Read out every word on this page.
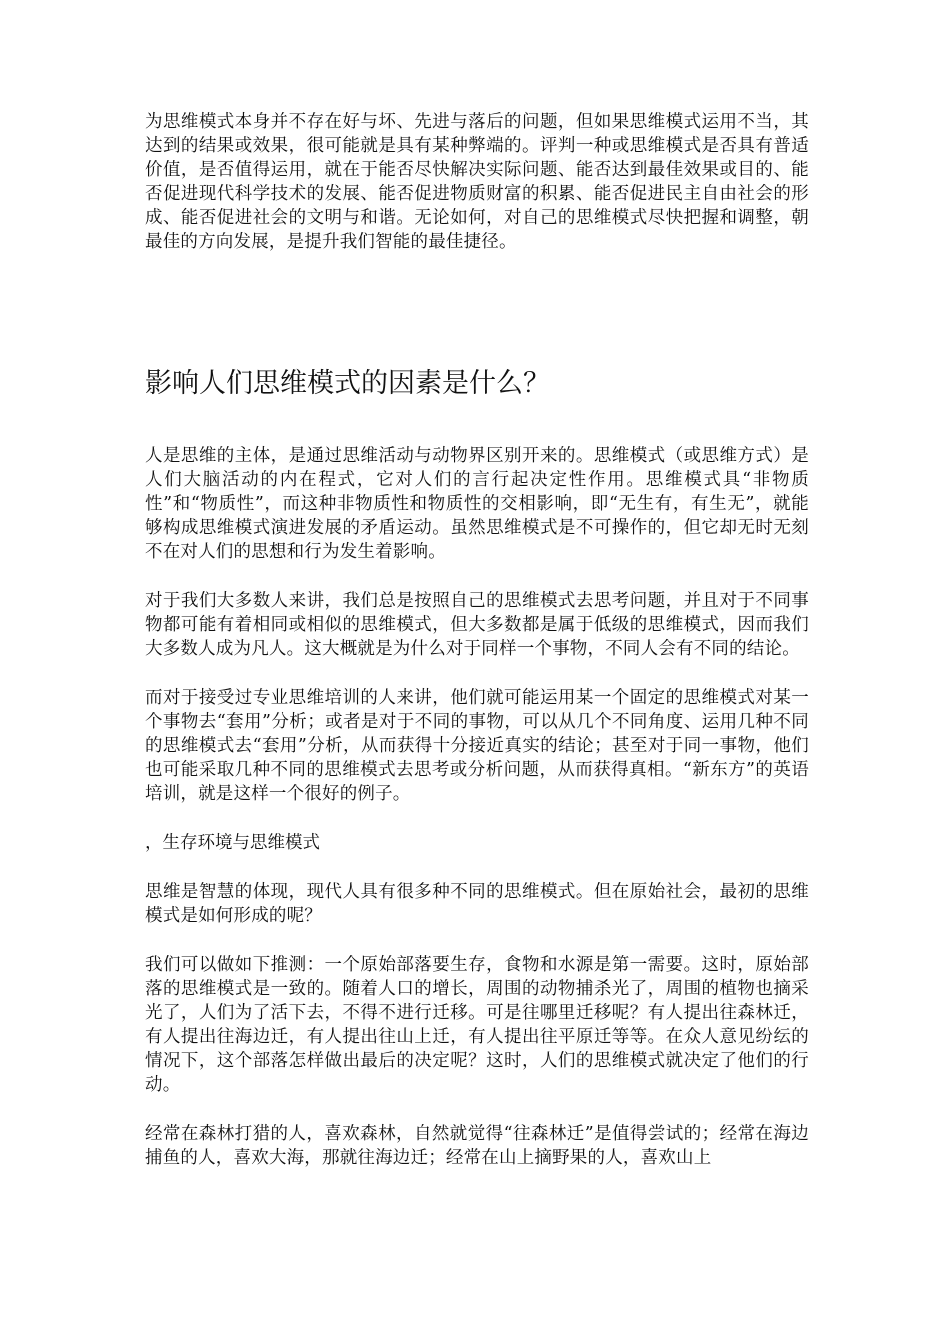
为思维模式本身并不存在好与坏、先进与落后的问题，但如果思维模式运用不当，其达到的结果或效果，很可能就是具有某种弊端的。评判一种或思维模式是否具有普适价值，是否值得运用，就在于能否尽快解决实际问题、能否达到最佳效果或目的、能否促进现代科学技术的发展、能否促进物质财富的积累、能否促进民主自由社会的形成、能否促进社会的文明与和谐。无论如何，对自己的思维模式尽快把握和调整，朝最佳的方向发展，是提升我们智能的最佳捷径。

影响人们思维模式的因素是什么？

人是思维的主体，是通过思维活动与动物界区别开来的。思维模式（或思维方式）是人们大脑活动的内在程式，它对人们的言行起决定性作用。思维模式具“非物质性”和“物质性”，而这种非物质性和物质性的交相影响，即“无生有，有生无”，就能够构成思维模式演进发展的矛盾运动。虽然思维模式是不可操作的，但它却无时无刻不在对人们的思想和行为发生着影响。

对于我们大多数人来讲，我们总是按照自己的思维模式去思考问题，并且对于不同事物都可能有着相同或相似的思维模式，但大多数都是属于低级的思维模式，因而我们大多数人成为凡人。这大概就是为什么对于同样一个事物，不同人会有不同的结论。

而对于接受过专业思维培训的人来讲，他们就可能运用某一个固定的思维模式对某一个事物去“套用”分析；或者是对于不同的事物，可以从几个不同角度、运用几种不同的思维模式去“套用”分析，从而获得十分接近真实的结论；甚至对于同一事物，他们也可能采取几种不同的思维模式去思考或分析问题，从而获得真相。“新东方”的英语培训，就是这样一个很好的例子。

，生存环境与思维模式

思维是智慧的体现，现代人具有很多种不同的思维模式。但在原始社会，最初的思维模式是如何形成的呢？

我们可以做如下推测：一个原始部落要生存，食物和水源是第一需要。这时，原始部落的思维模式是一致的。随着人口的增长，周围的动物捕杀光了，周围的植物也摘采光了，人们为了活下去，不得不进行迁移。可是往哪里迁移呢？有人提出往森林迁，有人提出往海边迁，有人提出往山上迁，有人提出往平原迁等等。在众人意见纷纭的情况下，这个部落怎样做出最后的决定呢？这时，人们的思维模式就决定了他们的行动。

经常在森林打猎的人，喜欢森林，自然就觉得“往森林迁”是值得尝试的；经常在海边捕鱼的人，喜欢大海，那就往海边迁；经常在山上摘野果的人，喜欢山上
